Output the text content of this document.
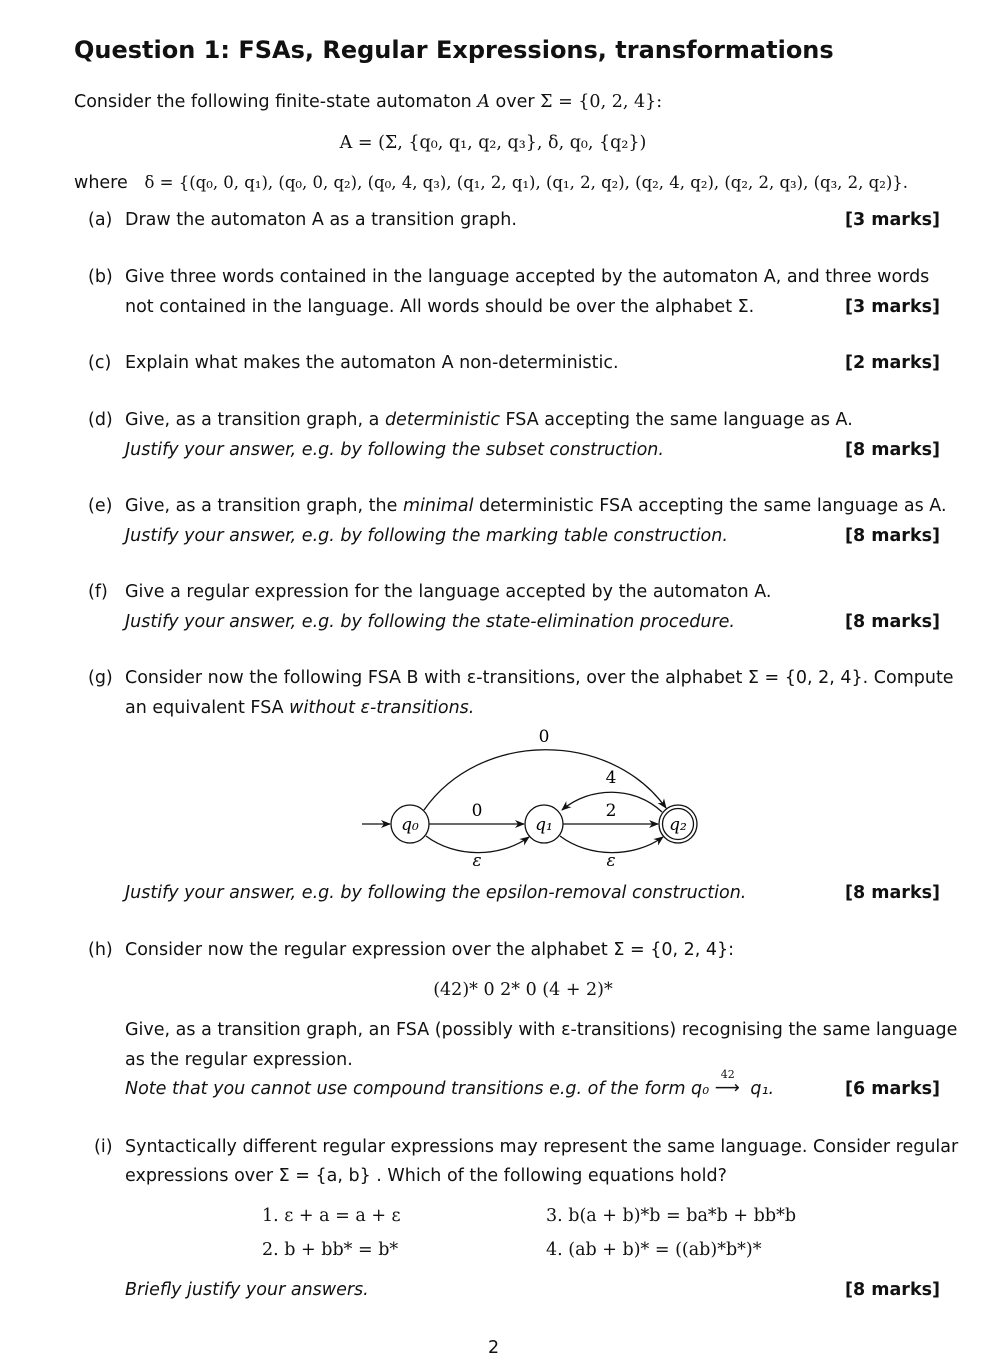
Question 1: FSAs, Regular Expressions, transformations
Consider the following finite-state automaton A over Σ = {0, 2, 4}:
A = (Σ, {q₀, q₁, q₂, q₃}, δ, q₀, {q₂})
where δ = {(q₀, 0, q₁), (q₀, 0, q₂), (q₀, 4, q₃), (q₁, 2, q₁), (q₁, 2, q₂), (q₂, 4, q₂), (q₂, 2, q₃), (q₃, 2, q₂)}.
(a) Draw the automaton A as a transition graph.	[3 marks]
(b) Give three words contained in the language accepted by the automaton A, and three words
not contained in the language. All words should be over the alphabet Σ.	[3 marks]
(c) Explain what makes the automaton A non-deterministic.	[2 marks]
(d) Give, as a transition graph, a deterministic FSA accepting the same language as A.
Justify your answer, e.g. by following the subset construction.	[8 marks]
(e) Give, as a transition graph, the minimal deterministic FSA accepting the same language as A.
Justify your answer, e.g. by following the marking table construction.	[8 marks]
(f) Give a regular expression for the language accepted by the automaton A.
Justify your answer, e.g. by following the state-elimination procedure.	[8 marks]
(g) Consider now the following FSA B with ε-transitions, over the alphabet Σ = {0, 2, 4}. Compute
an equivalent FSA without ε-transitions.
q₀	q₁	q₂
0
0
ε
4
2
ε
Justify your answer, e.g. by following the epsilon-removal construction.	[8 marks]
(h) Consider now the regular expression over the alphabet Σ = {0, 2, 4}:
(42)* 0 2* 0 (4 + 2)*
Give, as a transition graph, an FSA (possibly with ε-transitions) recognising the same language
as the regular expression.
Note that you cannot use compound transitions e.g. of the form q₀
42
⟶ q₁.	[6 marks]
(i) Syntactically different regular expressions may represent the same language. Consider regular
expressions over Σ = {a, b} . Which of the following equations hold?
1. ε + a = a + ε
2. b + bb* = b*
3. b(a + b)*b = ba*b + bb*b
4. (ab + b)* = ((ab)*b*)*
Briefly justify your answers.	[8 marks]
2
